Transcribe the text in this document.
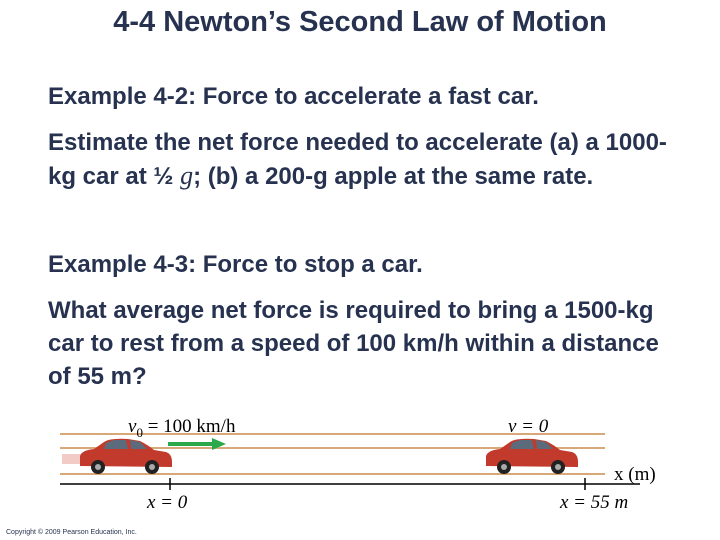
4-4 Newton’s Second Law of Motion
Example 4-2: Force to accelerate a fast car.
Estimate the net force needed to accelerate (a) a 1000-kg car at ½ g; (b) a 200-g apple at the same rate.
Example 4-3: Force to stop a car.
What average net force is required to bring a 1500-kg car to rest from a speed of 100 km/h within a distance of 55 m?
x (m)
x = 0	x = 55 m
$v_0 = 100$ km/h	v = 0
Copyright © 2009 Pearson Education, Inc.
